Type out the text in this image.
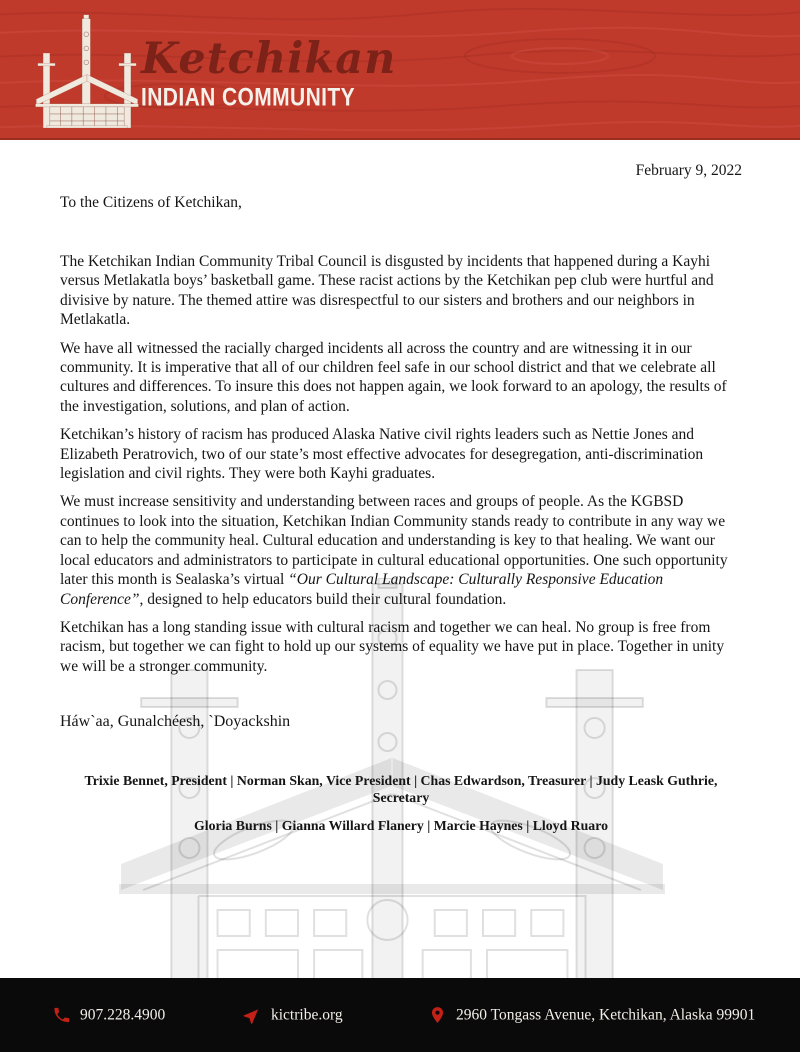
Ketchikan
INDIAN COMMUNITY
February 9, 2022
To the Citizens of Ketchikan,

The Ketchikan Indian Community Tribal Council is disgusted by incidents that happened during a Kayhi versus Metlakatla boys’ basketball game. These racist actions by the Ketchikan pep club were hurtful and divisive by nature. The themed attire was disrespectful to our sisters and brothers and our neighbors in Metlakatla.

We have all witnessed the racially charged incidents all across the country and are witnessing it in our community. It is imperative that all of our children feel safe in our school district and that we celebrate all cultures and differences. To insure this does not happen again, we look forward to an apology, the results of the investigation, solutions, and plan of action.

Ketchikan’s history of racism has produced Alaska Native civil rights leaders such as Nettie Jones and Elizabeth Peratrovich, two of our state’s most effective advocates for desegregation, anti-discrimination legislation and civil rights. They were both Kayhi graduates.

We must increase sensitivity and understanding between races and groups of people. As the KGBSD continues to look into the situation, Ketchikan Indian Community stands ready to contribute in any way we can to help the community heal. Cultural education and understanding is key to that healing. We want our local educators and administrators to participate in cultural educational opportunities. One such opportunity later this month is Sealaska’s virtual “Our Cultural Landscape: Culturally Responsive Education Conference”, designed to help educators build their cultural foundation.

Ketchikan has a long standing issue with cultural racism and together we can heal. No group is free from racism, but together we can fight to hold up our systems of equality we have put in place. Together in unity we will be a stronger community.

Háw`aa, Gunalchéesh, `Doyackshin
Trixie Bennet, President | Norman Skan, Vice President | Chas Edwardson, Treasurer | Judy Leask Guthrie, Secretary
Gloria Burns | Gianna Willard Flanery | Marcie Haynes | Lloyd Ruaro
907.228.4900	kictribe.org	2960 Tongass Avenue, Ketchikan, Alaska 99901
